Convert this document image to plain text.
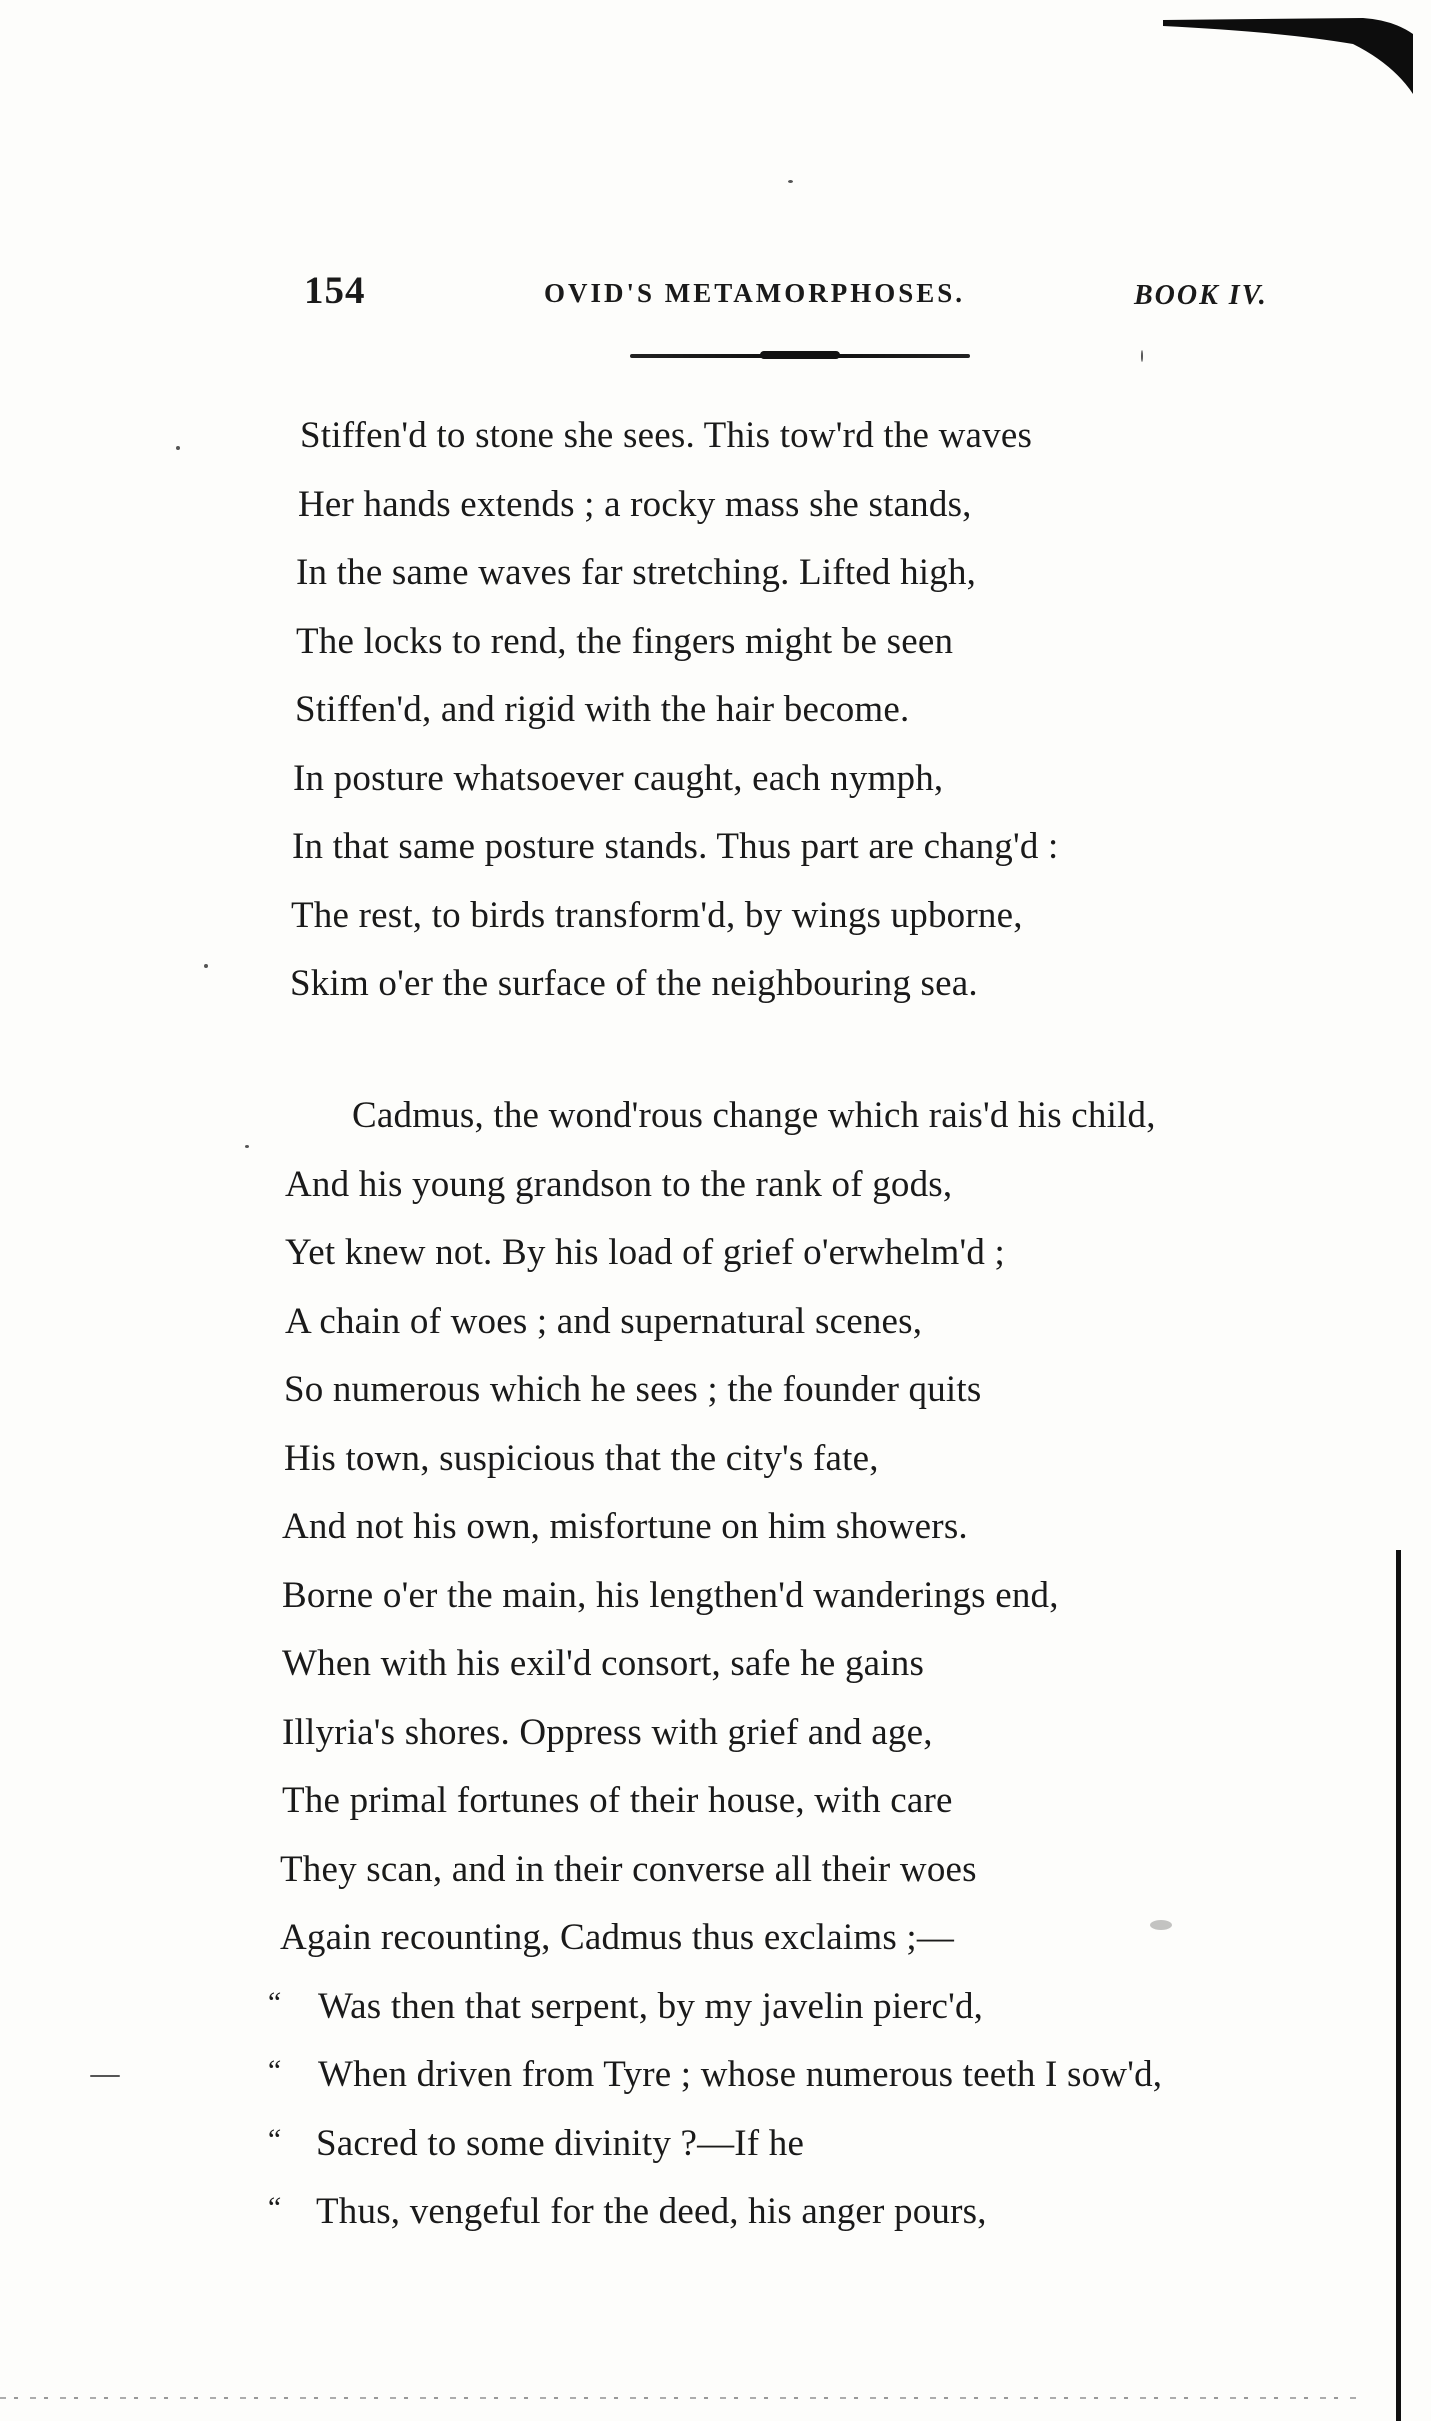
154	OVID'S METAMORPHOSES.	BOOK IV.
Stiffen'd to stone she sees. This tow'rd the waves
Her hands extends ; a rocky mass she stands,
In the same waves far stretching. Lifted high,
The locks to rend, the fingers might be seen
Stiffen'd, and rigid with the hair become.
In posture whatsoever caught, each nymph,
In that same posture stands. Thus part are chang'd :
The rest, to birds transform'd, by wings upborne,
Skim o'er the surface of the neighbouring sea.
Cadmus, the wond'rous change which rais'd his child,
And his young grandson to the rank of gods,
Yet knew not. By his load of grief o'erwhelm'd ;
A chain of woes ; and supernatural scenes,
So numerous which he sees ; the founder quits
His town, suspicious that the city's fate,
And not his own, misfortune on him showers.
Borne o'er the main, his lengthen'd wanderings end,
When with his exil'd consort, safe he gains
Illyria's shores. Oppress with grief and age,
The primal fortunes of their house, with care
They scan, and in their converse all their woes
Again recounting, Cadmus thus exclaims ;—
“ Was then that serpent, by my javelin pierc'd,
“ When driven from Tyre ; whose numerous teeth I sow'd,
“ Sacred to some divinity ?—If he
“ Thus, vengeful for the deed, his anger pours,
